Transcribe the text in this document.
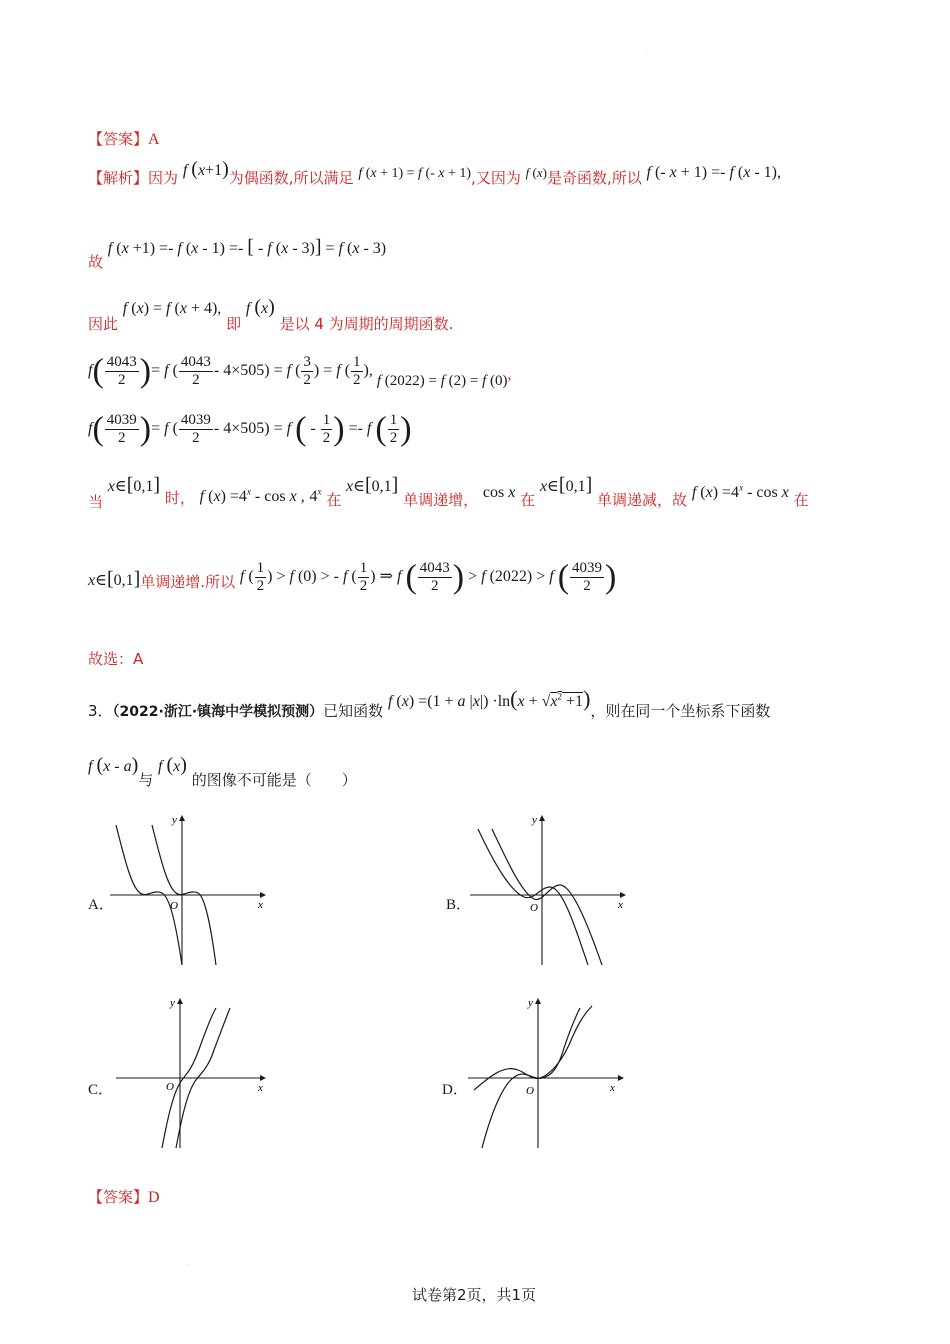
·
·
【答案】A
【解析】因为 f (x+1)为偶函数,所以满足 f (x + 1) = f (- x + 1),又因为 f (x)是奇函数,所以 f (- x + 1) =- f (x - 1),
故 f (x +1) =- f (x - 1) =- [ - f (x - 3)] = f (x - 3)
因此 f (x) = f (x + 4), 即 f (x) 是以 4 为周期的周期函数.
$f( \frac{4043}{2}$ )= f ( $\frac{4043}{2} - 4\times 505) = f$ ( $\frac{3}{2}$ ) = f ( $\frac{1}{2}$ ), f (2022) = f (2) = f (0),
$f( \frac{4039}{2}$ )= f ( $\frac{4039}{2} - 4\times 505) = f$ ( - $\frac{1}{2}$ ) =- f ( $\frac{1}{2}$ )
当 x∈[0,1] 时， f $(x) =4^x - \cos x$ , 4$^x$ 在 x∈[0,1] 单调递增， cos x 在 x∈[0,1] 单调递减，故 f $(x) =4^x - \cos x$ 在
x∈[0,1]单调递增.所以 f ( $\frac{1}{2}$ ) > f (0) > - f ( $\frac{1}{2}$ ) ⇒ f ( $\frac{4043}{2}$ ) > f (2022) > f ( $\frac{4039}{2}$ )
故选：A
3．（2022·浙江·镇海中学模拟预测）已知函数 f (x) =(1 + a $|x|) \cdot\ln(x + √x^2 +1)$，则在同一个坐标系下函数
f (x - a)与 f (x) 的图像不可能是（　　）
A．	B．
C．	D．
x
y
O	x
y
O
x
y
O	x
y
O
【答案】D
试卷第2页，共1页
